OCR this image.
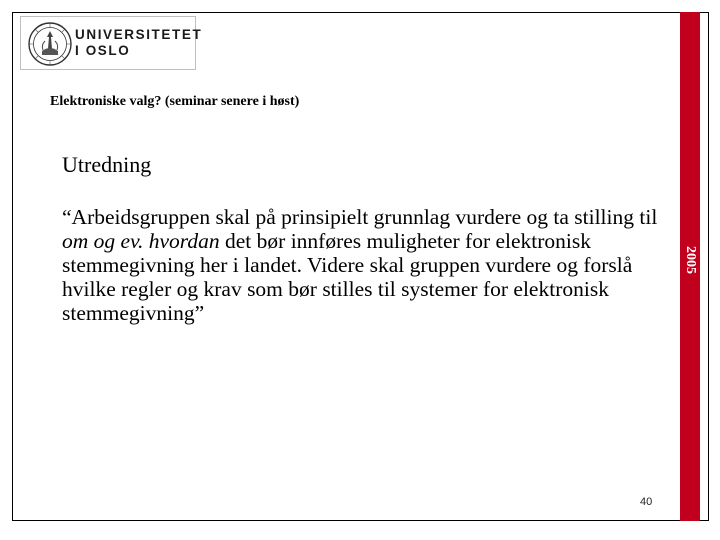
UNIVERSITETET
I OSLO
Elektroniske valg? (seminar senere i høst)
Utredning
“Arbeidsgruppen skal på prinsipielt grunnlag vurdere og ta stilling til om og ev. hvordan det bør innføres muligheter for elektronisk stemmegivning her i landet. Videre skal gruppen vurdere og forslå hvilke regler og krav som bør stilles til systemer for elektronisk stemmegivning”
2005
40
